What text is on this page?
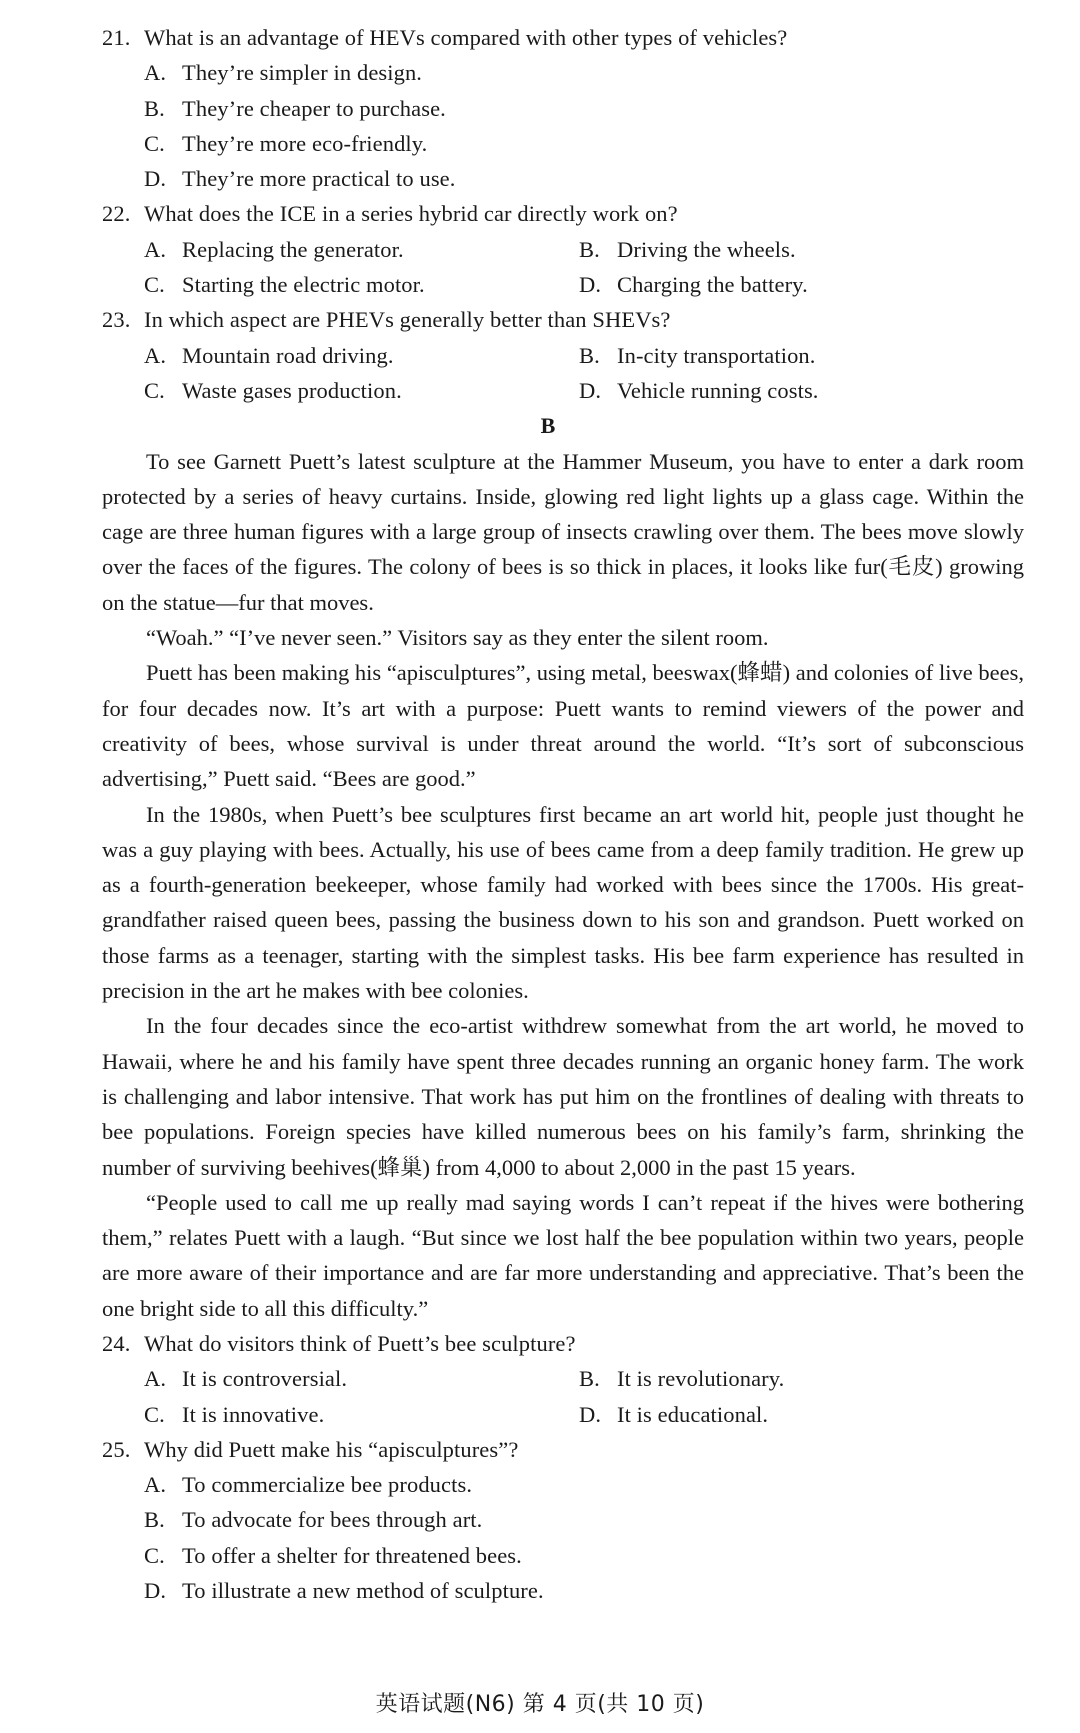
21. What is an advantage of HEVs compared with other types of vehicles?
A. They’re simpler in design.
B. They’re cheaper to purchase.
C. They’re more eco-friendly.
D. They’re more practical to use.
22. What does the ICE in a series hybrid car directly work on?
A. Replacing the generator.	B. Driving the wheels.
C. Starting the electric motor.	D. Charging the battery.
23. In which aspect are PHEVs generally better than SHEVs?
A. Mountain road driving.	B. In-city transportation.
C. Waste gases production.	D. Vehicle running costs.
B
To see Garnett Puett’s latest sculpture at the Hammer Museum, you have to enter a dark room protected by a series of heavy curtains. Inside, glowing red light lights up a glass cage. Within the cage are three human figures with a large group of insects crawling over them. The bees move slowly over the faces of the figures. The colony of bees is so thick in places, it looks like fur(毛皮) growing on the statue—fur that moves.
“Woah.” “I’ve never seen.” Visitors say as they enter the silent room.
Puett has been making his “apisculptures”, using metal, beeswax(蜂蜡) and colonies of live bees, for four decades now. It’s art with a purpose: Puett wants to remind viewers of the power and creativity of bees, whose survival is under threat around the world. “It’s sort of subconscious advertising,” Puett said. “Bees are good.”
In the 1980s, when Puett’s bee sculptures first became an art world hit, people just thought he was a guy playing with bees. Actually, his use of bees came from a deep family tradition. He grew up as a fourth-generation beekeeper, whose family had worked with bees since the 1700s. His great-grandfather raised queen bees, passing the business down to his son and grandson. Puett worked on those farms as a teenager, starting with the simplest tasks. His bee farm experience has resulted in precision in the art he makes with bee colonies.
In the four decades since the eco-artist withdrew somewhat from the art world, he moved to Hawaii, where he and his family have spent three decades running an organic honey farm. The work is challenging and labor intensive. That work has put him on the frontlines of dealing with threats to bee populations. Foreign species have killed numerous bees on his family’s farm, shrinking the number of surviving beehives(蜂巢) from 4,000 to about 2,000 in the past 15 years.
“People used to call me up really mad saying words I can’t repeat if the hives were bothering them,” relates Puett with a laugh. “But since we lost half the bee population within two years, people are more aware of their importance and are far more understanding and appreciative. That’s been the one bright side to all this difficulty.”
24. What do visitors think of Puett’s bee sculpture?
A. It is controversial.	B. It is revolutionary.
C. It is innovative.	D. It is educational.
25. Why did Puett make his “apisculptures”?
A. To commercialize bee products.
B. To advocate for bees through art.
C. To offer a shelter for threatened bees.
D. To illustrate a new method of sculpture.
英语试题(N6) 第 4 页(共 10 页)
